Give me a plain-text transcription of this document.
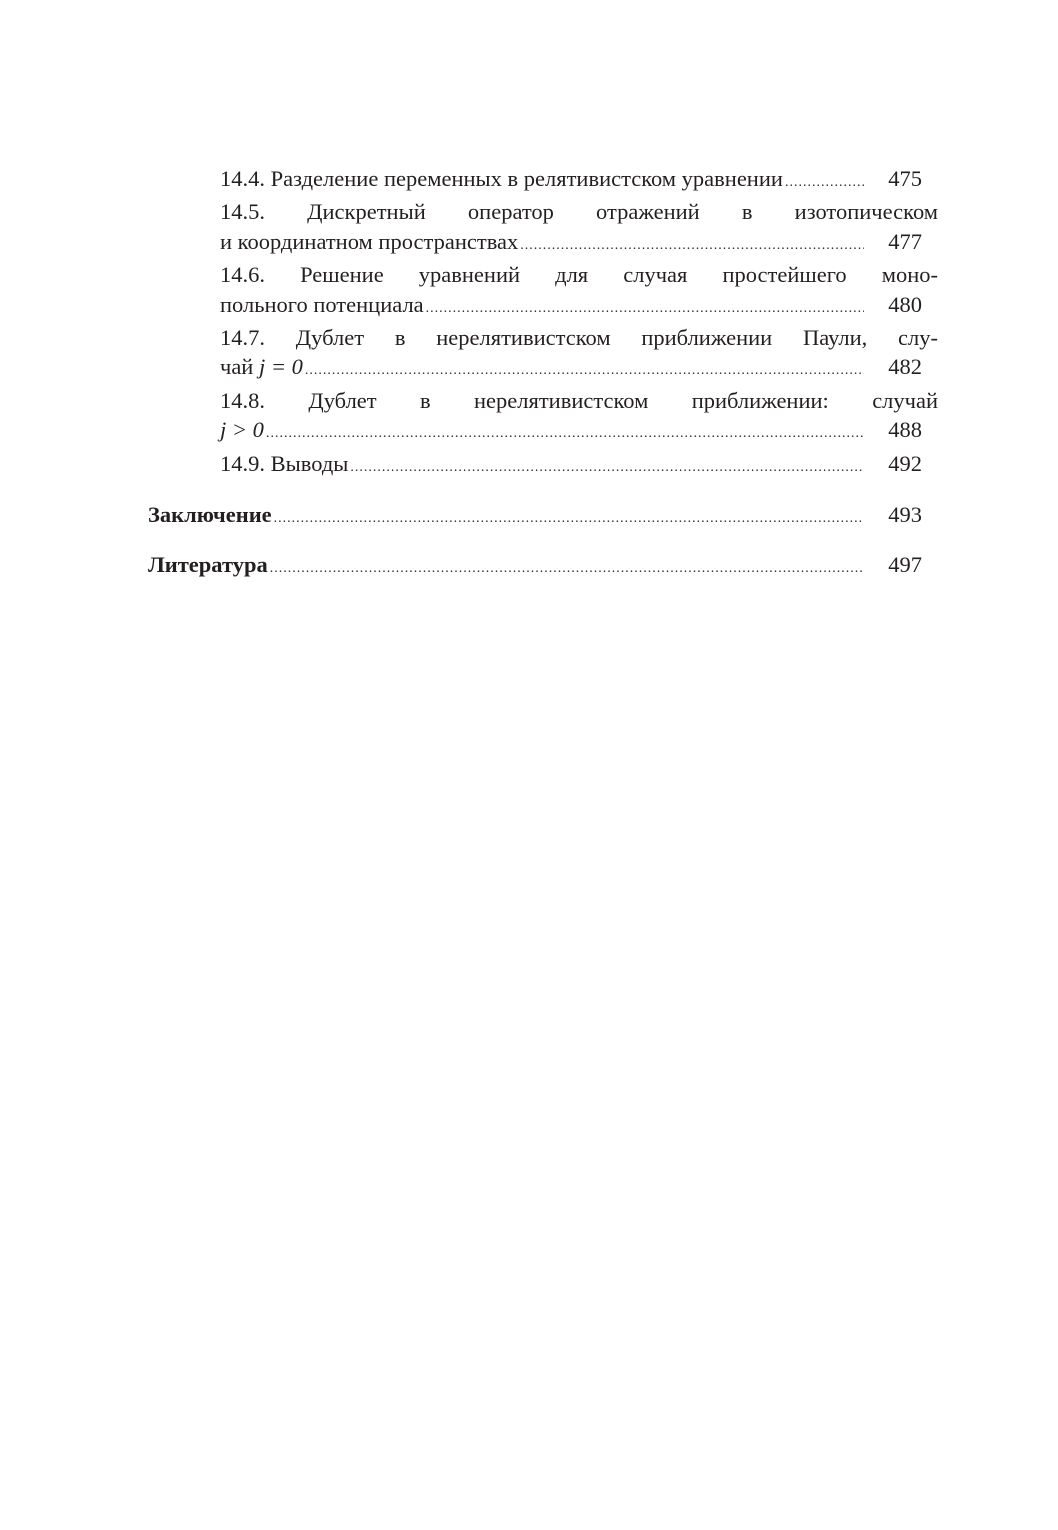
14.4. Разделение переменных в релятивистском уравнении .....	475
14.5. Дискретный оператор отражений в изотопическом
и координатном пространствах .....	477
14.6. Решение уравнений для случая простейшего моно-
польного потенциала .....	480
14.7. Дублет в нерелятивистском приближении Паули, слу-
чай j = 0 .....	482
14.8. Дублет в нерелятивистском приближении: случай
j > 0 .....	488
14.9. Выводы .....	492
Заключение .....	493
Литература .....	497
